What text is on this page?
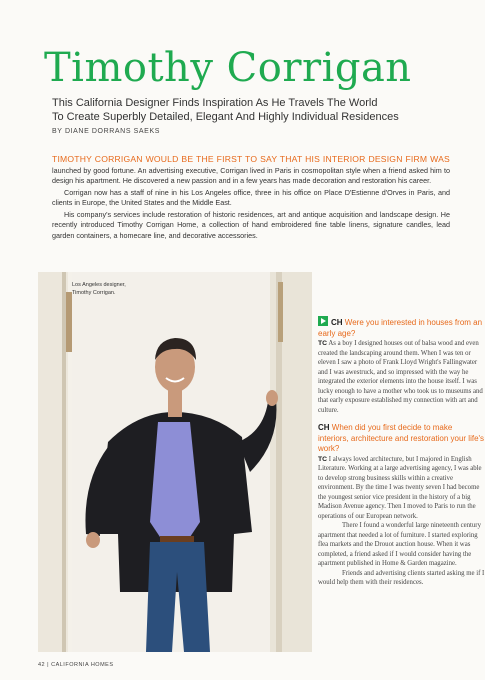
Timothy Corrigan
This California Designer Finds Inspiration As He Travels The World
To Create Superbly Detailed, Elegant And Highly Individual Residences
BY DIANE DORRANS SAEKS

TIMOTHY CORRIGAN WOULD BE THE FIRST TO SAY THAT HIS INTERIOR DESIGN FIRM WAS launched by good fortune. An advertising executive, Corrigan lived in Paris in cosmopolitan style when a friend asked him to design his apartment. He discovered a new passion and in a few years has made decoration and restoration his career.

Corrigan now has a staff of nine in his Los Angeles office, three in his office on Place D'Estienne d'Orves in Paris, and clients in Europe, the United States and the Middle East.

His company's services include restoration of historic residences, art and antique acquisition and landscape design. He recently introduced Timothy Corrigan Home, a collection of hand embroidered fine table linens, signature candles, lead garden containers, a homecare line, and decorative accessories.

Los Angeles designer,
Timothy Corrigan.

CH Were you interested in houses from an early age?

TC As a boy I designed houses out of balsa wood and even created the landscaping around them. When I was ten or eleven I saw a photo of Frank Lloyd Wright's Fallingwater and I was awestruck, and so impressed with the way he integrated the exterior elements into the house itself. I was lucky enough to have a mother who took us to museums and that early exposure established my connection with art and culture.

CH When did you first decide to make interiors, architecture and restoration your life's work?

TC I always loved architecture, but I majored in English Literature. Working at a large advertising agency, I was able to develop strong business skills within a creative environment. By the time I was twenty seven I had become the youngest senior vice president in the history of a big Madison Avenue agency. Then I moved to Paris to run the operations of our European network.

There I found a wonderful large nineteenth century apartment that needed a lot of furniture. I started exploring flea markets and the Drouot auction house. When it was completed, a friend asked if I would consider having the apartment published in Home & Garden magazine.

Friends and advertising clients started asking me if I would help them with their residences.

42 | CALIFORNIA HOMES
